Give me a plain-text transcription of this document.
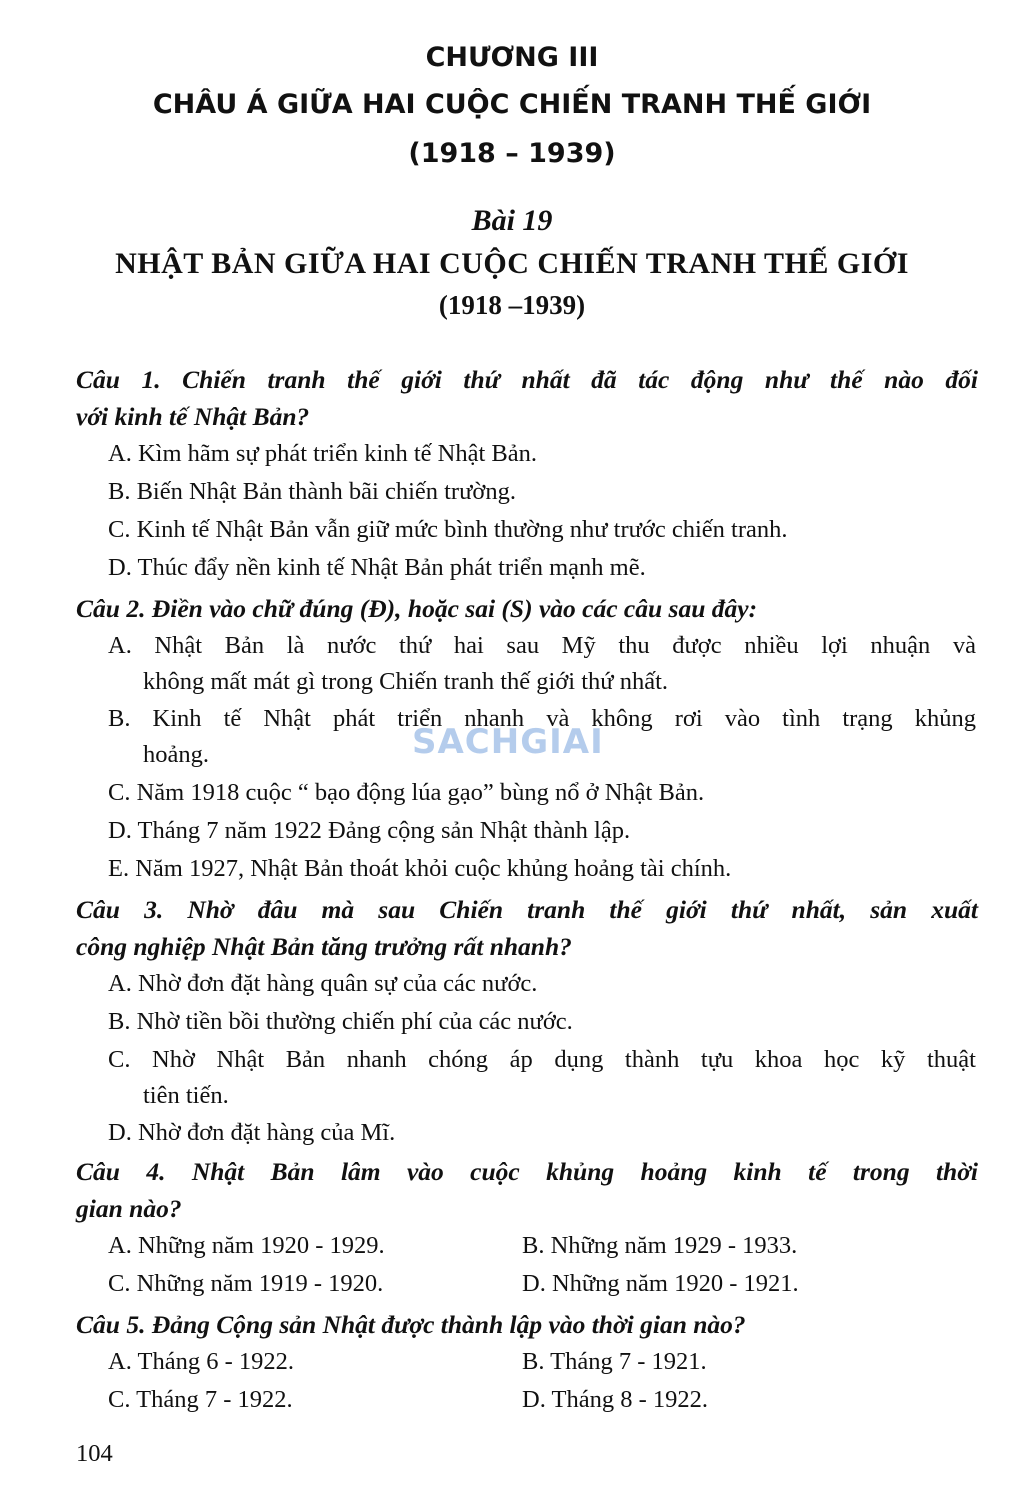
CHƯƠNG III
CHÂU Á GIỮA HAI CUỘC CHIẾN TRANH THẾ GIỚI
(1918 – 1939)
Bài 19
NHẬT BẢN GIỮA HAI CUỘC CHIẾN TRANH THẾ GIỚI
(1918 –1939)
Câu 1. Chiến tranh thế giới thứ nhất đã tác động như thế nào đối
với kinh tế Nhật Bản?
A. Kìm hãm sự phát triển kinh tế Nhật Bản.
B. Biến Nhật Bản thành bãi chiến trường.
C. Kinh tế Nhật Bản vẫn giữ mức bình thường như trước chiến tranh.
D. Thúc đẩy nền kinh tế Nhật Bản phát triển mạnh mẽ.
Câu 2. Điền vào chữ đúng (Đ), hoặc sai (S) vào các câu sau đây:
A. Nhật Bản là nước thứ hai sau Mỹ thu được nhiều lợi nhuận và
không mất mát gì trong Chiến tranh thế giới thứ nhất.
B. Kinh tế Nhật phát triển nhanh và không rơi vào tình trạng khủng
hoảng.
C. Năm 1918 cuộc “ bạo động lúa gạo” bùng nổ ở Nhật Bản.
D. Tháng 7 năm 1922 Đảng cộng sản Nhật thành lập.
E. Năm 1927, Nhật Bản thoát khỏi cuộc khủng hoảng tài chính.
Câu 3. Nhờ đâu mà sau Chiến tranh thế giới thứ nhất, sản xuất
công nghiệp Nhật Bản tăng trưởng rất nhanh?
A. Nhờ đơn đặt hàng quân sự của các nước.
B. Nhờ tiền bồi thường chiến phí của các nước.
C. Nhờ Nhật Bản nhanh chóng áp dụng thành tựu khoa học kỹ thuật
tiên tiến.
D. Nhờ đơn đặt hàng của Mĩ.
Câu 4. Nhật Bản lâm vào cuộc khủng hoảng kinh tế trong thời
gian nào?
A. Những năm 1920 - 1929.	B. Những năm 1929 - 1933.
C. Những năm 1919 - 1920.	D. Những năm 1920 - 1921.
Câu 5. Đảng Cộng sản Nhật được thành lập vào thời gian nào?
A. Tháng 6 - 1922.	B. Tháng 7 - 1921.
C. Tháng 7 - 1922.	D. Tháng 8 - 1922.
SACHGIAI
104
